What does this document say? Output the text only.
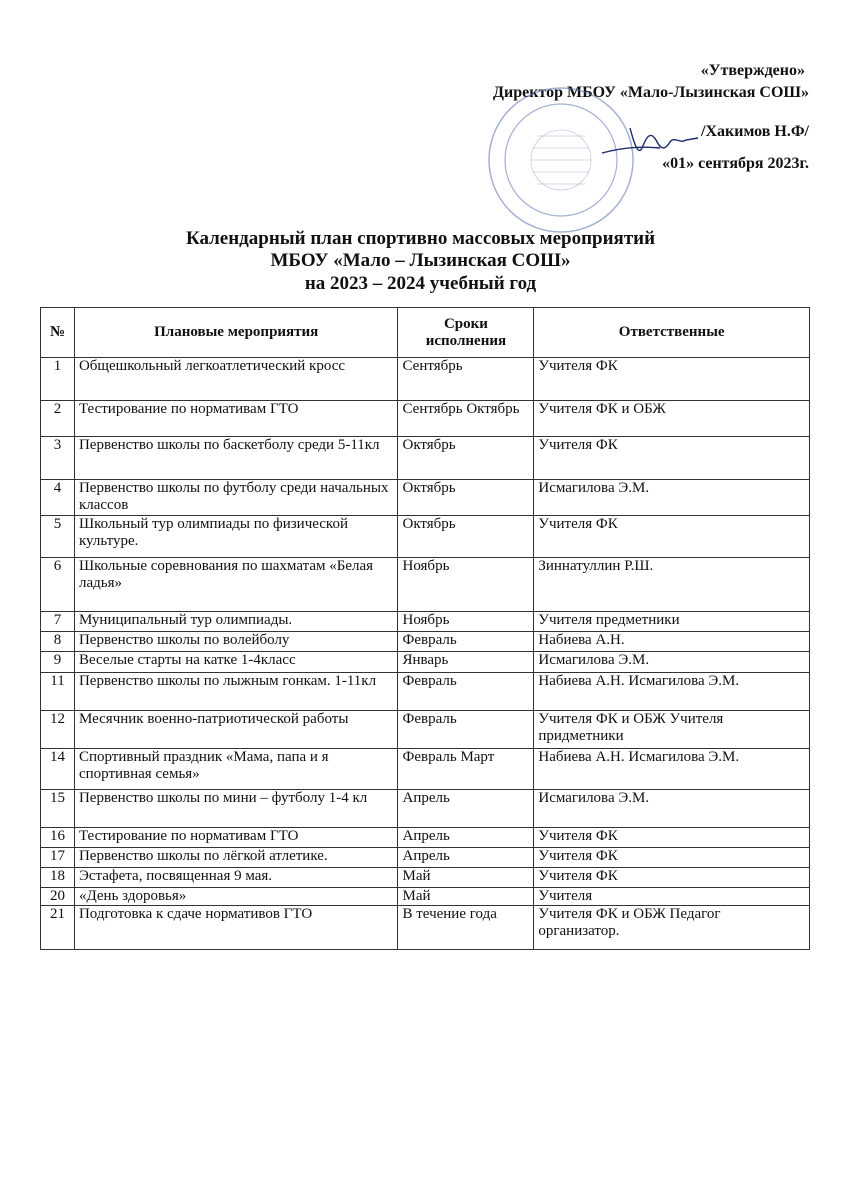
«Утверждено»
Директор МБОУ «Мало-Лызинская СОШ»
/Хакимов Н.Ф/
«01» сентября 2023г.
Календарный план спортивно массовых мероприятий
МБОУ «Мало – Лызинская СОШ»
на 2023 – 2024 учебный год
№	Плановые мероприятия	Сроки исполнения	Ответственные
1	Общешкольный легкоатлетический кросс	Сентябрь	Учителя ФК
2	Тестирование по нормативам ГТО	Сентябрь Октябрь	Учителя ФК и ОБЖ
3	Первенство школы по баскетболу среди 5-11кл	Октябрь	Учителя ФК
4	Первенство школы по футболу среди начальных классов	Октябрь	Исмагилова Э.М.
5	Школьный тур олимпиады по физической культуре.	Октябрь	Учителя ФК
6	Школьные соревнования по шахматам «Белая ладья»	Ноябрь	Зиннатуллин Р.Ш.
7	Муниципальный тур олимпиады.	Ноябрь	Учителя предметники
8	Первенство школы по волейболу	Февраль	Набиева А.Н.
9	Веселые старты на катке 1-4класс	Январь	Исмагилова Э.М.
11	Первенство школы по лыжным гонкам. 1-11кл	Февраль	Набиева А.Н. Исмагилова Э.М.
12	Месячник военно-патриотической работы	Февраль	Учителя ФК и ОБЖ Учителя придметники
14	Спортивный праздник «Мама, папа и я спортивная семья»	Февраль Март	Набиева А.Н. Исмагилова Э.М.
15	Первенство школы по мини – футболу 1-4 кл	Апрель	Исмагилова Э.М.
16	Тестирование по нормативам ГТО	Апрель	Учителя ФК
17	Первенство школы по лёгкой атлетике.	Апрель	Учителя ФК
18	Эстафета, посвященная 9 мая.	Май	Учителя ФК
20	«День здоровья»	Май	Учителя
21	Подготовка к сдаче нормативов ГТО	В течение года	Учителя ФК и ОБЖ Педагог организатор.
